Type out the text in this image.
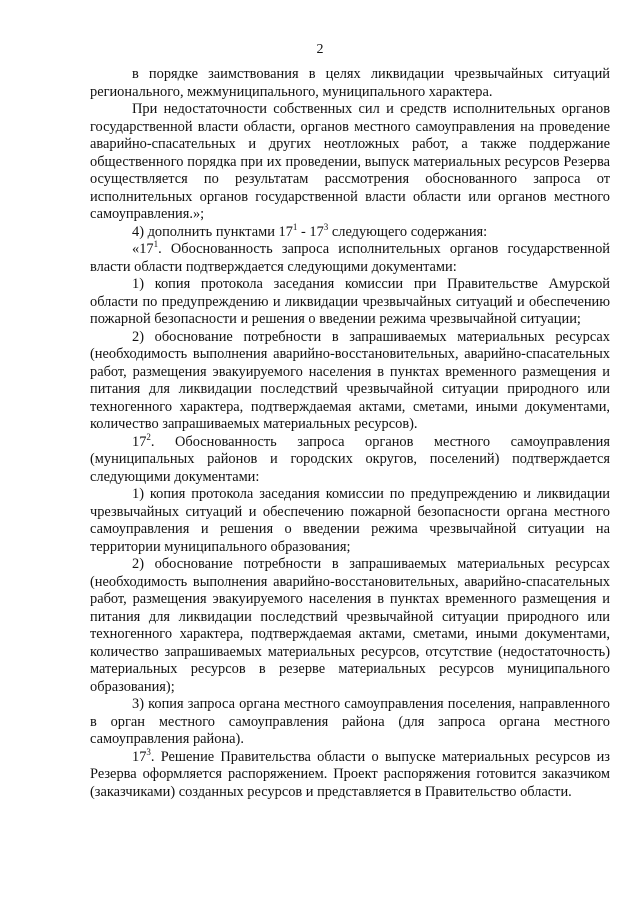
2

в порядке заимствования в целях ликвидации чрезвычайных ситуаций регионального, межмуниципального, муниципального характера.

При недостаточности собственных сил и средств исполнительных органов государственной власти области, органов местного самоуправления на проведение аварийно-спасательных и других неотложных работ, а также поддержание общественного порядка при их проведении, выпуск материальных ресурсов Резерва осуществляется по результатам рассмотрения обоснованного запроса от исполнительных органов государственной власти области или органов местного самоуправления.»;

4) дополнить пунктами $17^1 - 17^3$ следующего содержания:

«$17^1$. Обоснованность запроса исполнительных органов государственной власти области подтверждается следующими документами:

1) копия протокола заседания комиссии при Правительстве Амурской области по предупреждению и ликвидации чрезвычайных ситуаций и обеспечению пожарной безопасности и решения о введении режима чрезвычайной ситуации;

2) обоснование потребности в запрашиваемых материальных ресурсах (необходимость выполнения аварийно-восстановительных, аварийно-спасательных работ, размещения эвакуируемого населения в пунктах временного размещения и питания для ликвидации последствий чрезвычайной ситуации природного или техногенного характера, подтверждаемая актами, сметами, иными документами, количество запрашиваемых материальных ресурсов).

$17^2$. Обоснованность запроса органов местного самоуправления (муниципальных районов и городских округов, поселений) подтверждается следующими документами:

1) копия протокола заседания комиссии по предупреждению и ликвидации чрезвычайных ситуаций и обеспечению пожарной безопасности органа местного самоуправления и решения о введении режима чрезвычайной ситуации на территории муниципального образования;

2) обоснование потребности в запрашиваемых материальных ресурсах (необходимость выполнения аварийно-восстановительных, аварийно-спасательных работ, размещения эвакуируемого населения в пунктах временного размещения и питания для ликвидации последствий чрезвычайной ситуации природного или техногенного характера, подтверждаемая актами, сметами, иными документами, количество запрашиваемых материальных ресурсов, отсутствие (недостаточность) материальных ресурсов в резерве материальных ресурсов муниципального образования);

3) копия запроса органа местного самоуправления поселения, направленного в орган местного самоуправления района (для запроса органа местного самоуправления района).

$17^3$. Решение Правительства области о выпуске материальных ресурсов из Резерва оформляется распоряжением. Проект распоряжения готовится заказчиком (заказчиками) созданных ресурсов и представляется в Правительство области.
